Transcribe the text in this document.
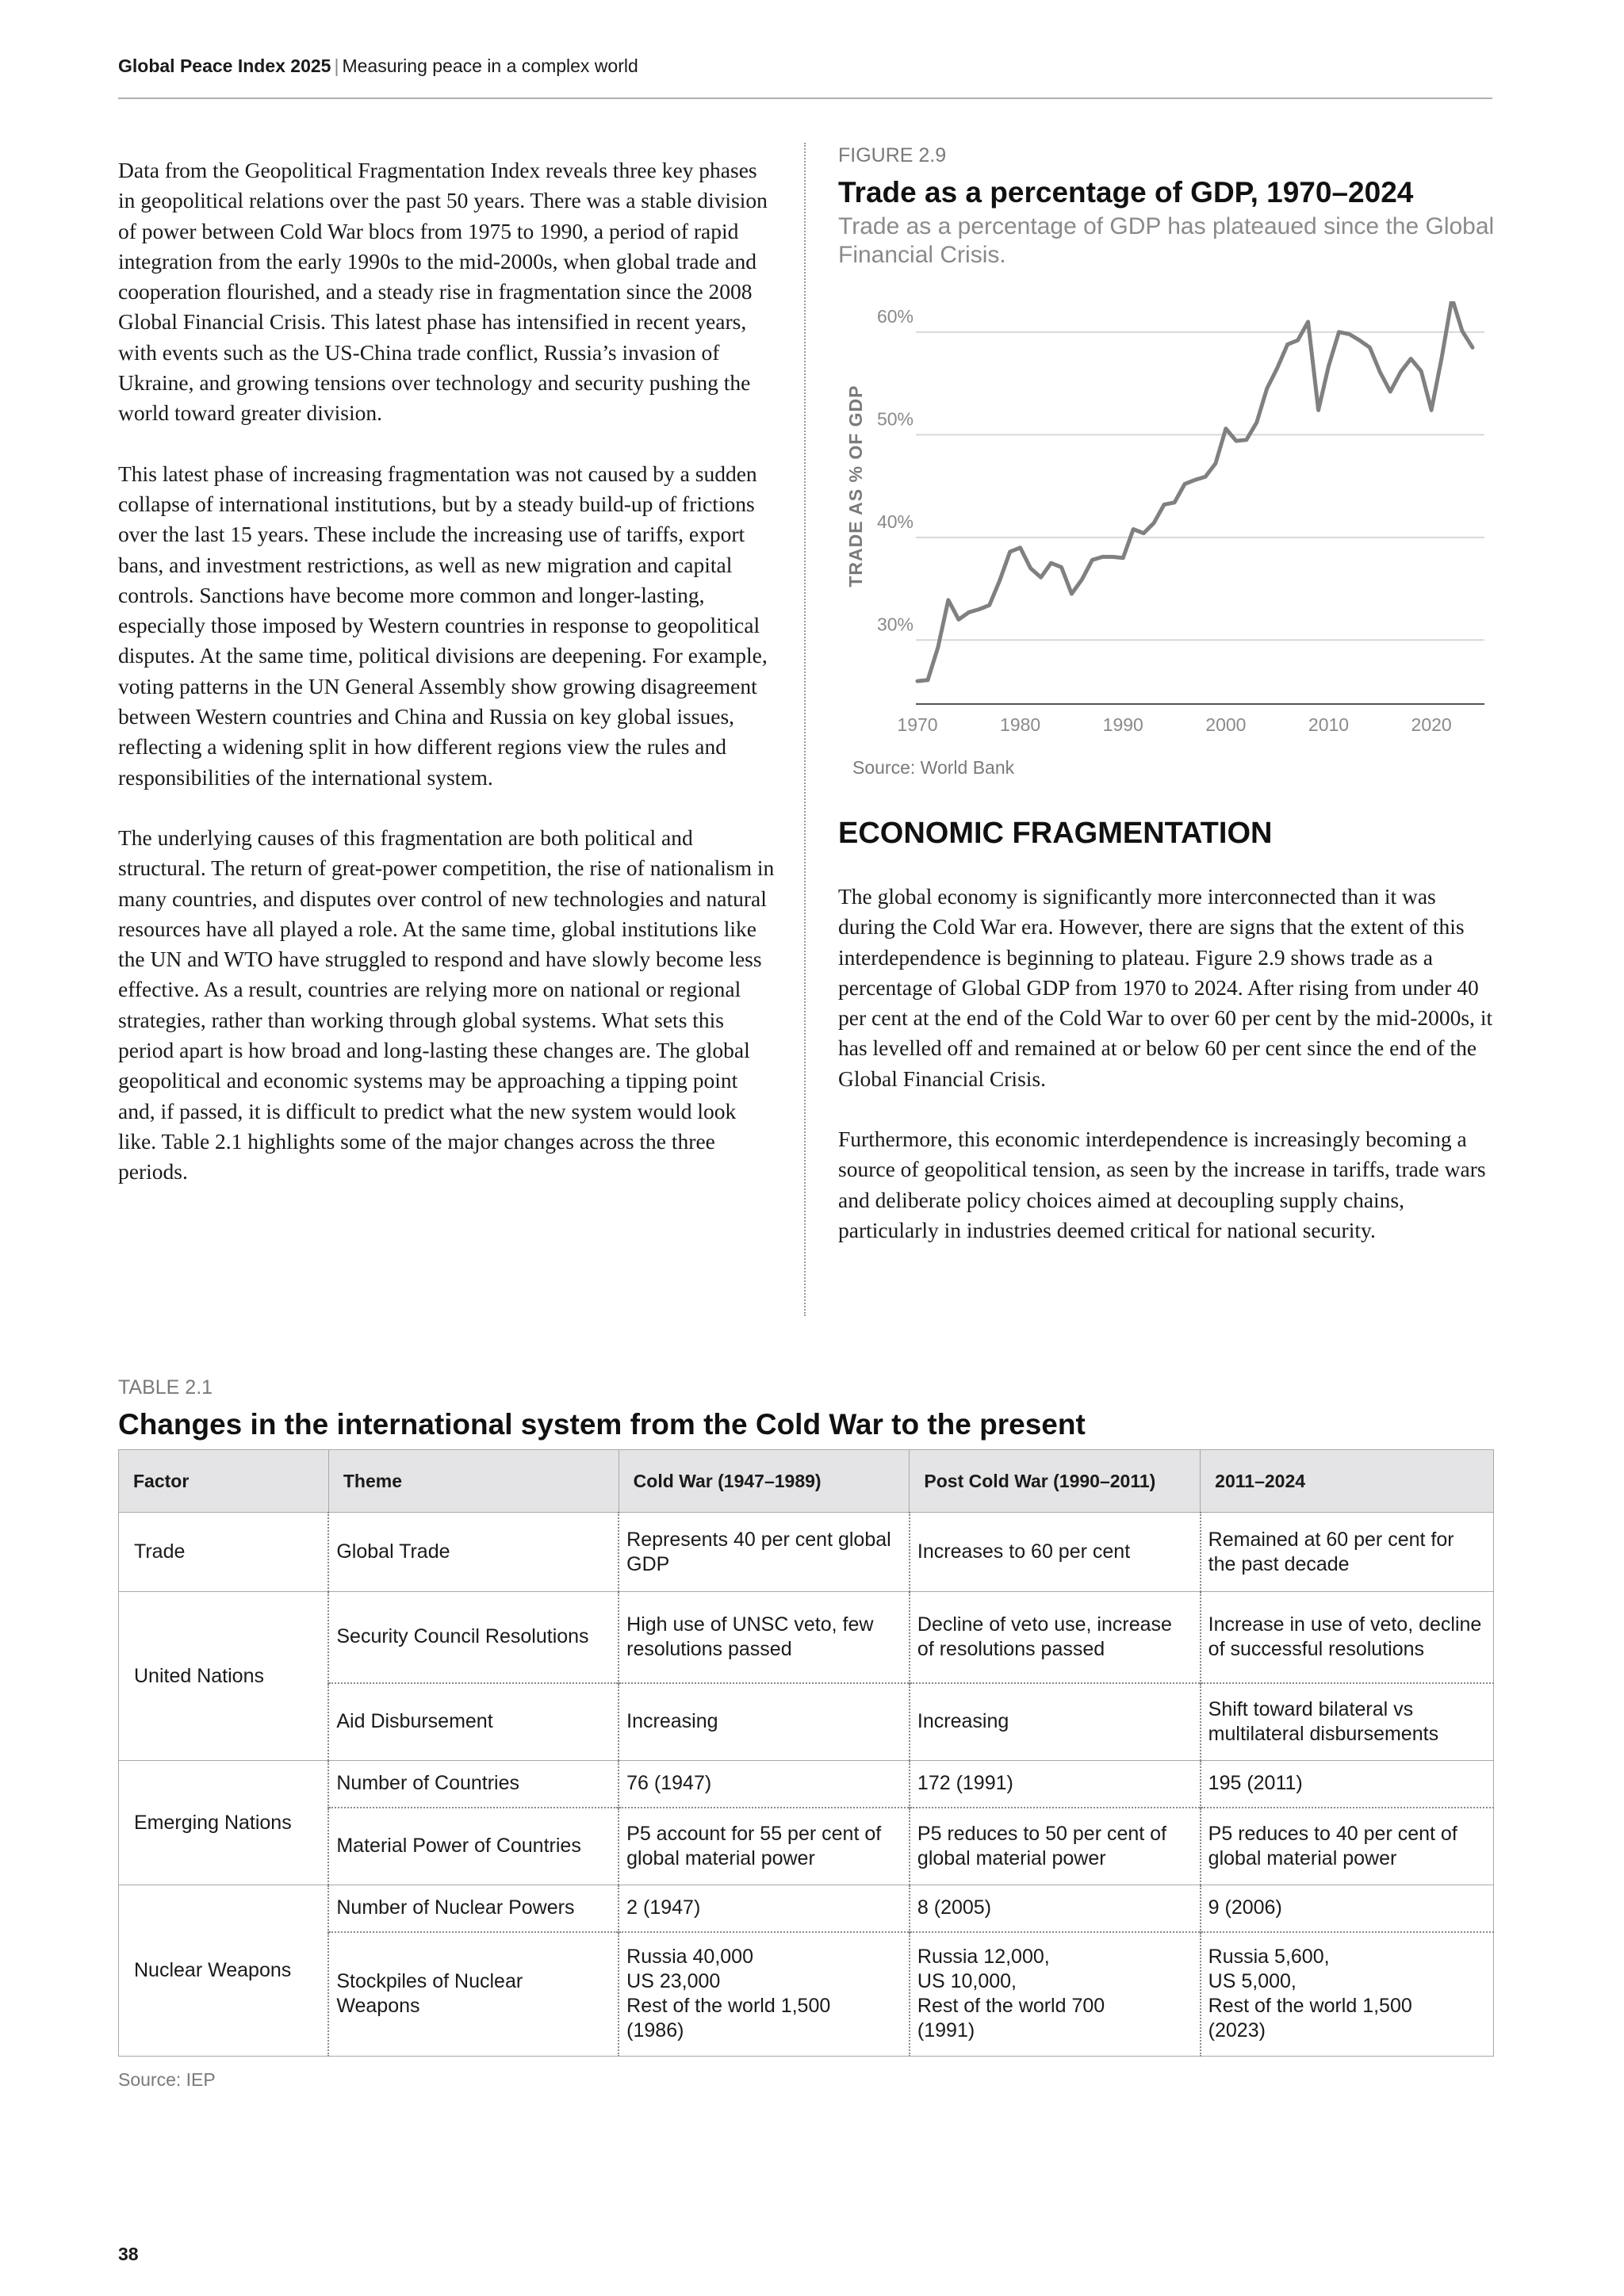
Global Peace Index 2025 | Measuring peace in a complex world

Data from the Geopolitical Fragmentation Index reveals three key phases in geopolitical relations over the past 50 years. There was a stable division of power between Cold War blocs from 1975 to 1990, a period of rapid integration from the early 1990s to the mid-2000s, when global trade and cooperation flourished, and a steady rise in fragmentation since the 2008 Global Financial Crisis. This latest phase has intensified in recent years, with events such as the US-China trade conflict, Russia’s invasion of Ukraine, and growing tensions over technology and security pushing the world toward greater division.

This latest phase of increasing fragmentation was not caused by a sudden collapse of international institutions, but by a steady build-up of frictions over the last 15 years. These include the increasing use of tariffs, export bans, and investment restrictions, as well as new migration and capital controls. Sanctions have become more common and longer-lasting, especially those imposed by Western countries in response to geopolitical disputes. At the same time, political divisions are deepening. For example, voting patterns in the UN General Assembly show growing disagreement between Western countries and China and Russia on key global issues, reflecting a widening split in how different regions view the rules and responsibilities of the international system.

The underlying causes of this fragmentation are both political and structural. The return of great-power competition, the rise of nationalism in many countries, and disputes over control of new technologies and natural resources have all played a role. At the same time, global institutions like the UN and WTO have struggled to respond and have slowly become less effective. As a result, countries are relying more on national or regional strategies, rather than working through global systems. What sets this period apart is how broad and long-lasting these changes are. The global geopolitical and economic systems may be approaching a tipping point and, if passed, it is difficult to predict what the new system would look like. Table 2.1 highlights some of the major changes across the three periods.

FIGURE 2.9

Trade as a percentage of GDP, 1970–2024

Trade as a percentage of GDP has plateaued since the Global Financial Crisis.

30%
40%
50%
60%
1970	1980	1990	2000	2010	2020
TRADE AS % OF GDP
Source: World Bank
ECONOMIC FRAGMENTATION

The global economy is significantly more interconnected than it was during the Cold War era. However, there are signs that the extent of this interdependence is beginning to plateau. Figure 2.9 shows trade as a percentage of Global GDP from 1970 to 2024. After rising from under 40 per cent at the end of the Cold War to over 60 per cent by the mid-2000s, it has levelled off and remained at or below 60 per cent since the end of the Global Financial Crisis.

Furthermore, this economic interdependence is increasingly becoming a source of geopolitical tension, as seen by the increase in tariffs, trade wars and deliberate policy choices aimed at decoupling supply chains, particularly in industries deemed critical for national security.

TABLE 2.1
Changes in the international system from the Cold War to the present
Factor	Theme	Cold War (1947–1989)	Post Cold War (1990–2011)	2011–2024
Trade	Global Trade	Represents 40 per cent global GDP	Increases to 60 per cent	Remained at 60 per cent for the past decade
United Nations	Security Council Resolutions	High use of UNSC veto, few resolutions passed	Decline of veto use, increase of resolutions passed	Increase in use of veto, decline of successful resolutions
	Aid Disbursement	Increasing	Increasing	Shift toward bilateral vs multilateral disbursements
Emerging Nations	Number of Countries	76 (1947)	172 (1991)	195 (2011)
	Material Power of Countries	P5 account for 55 per cent of global material power	P5 reduces to 50 per cent of global material power	P5 reduces to 40 per cent of global material power
Nuclear Weapons	Number of Nuclear Powers	2 (1947)	8 (2005)	9 (2006)
	Stockpiles of Nuclear Weapons	Russia 40,000
US 23,000
Rest of the world 1,500
(1986)	Russia 12,000,
US 10,000,
Rest of the world 700
(1991)	Russia 5,600,
US 5,000,
Rest of the world 1,500
(2023)
Source: IEP
38
